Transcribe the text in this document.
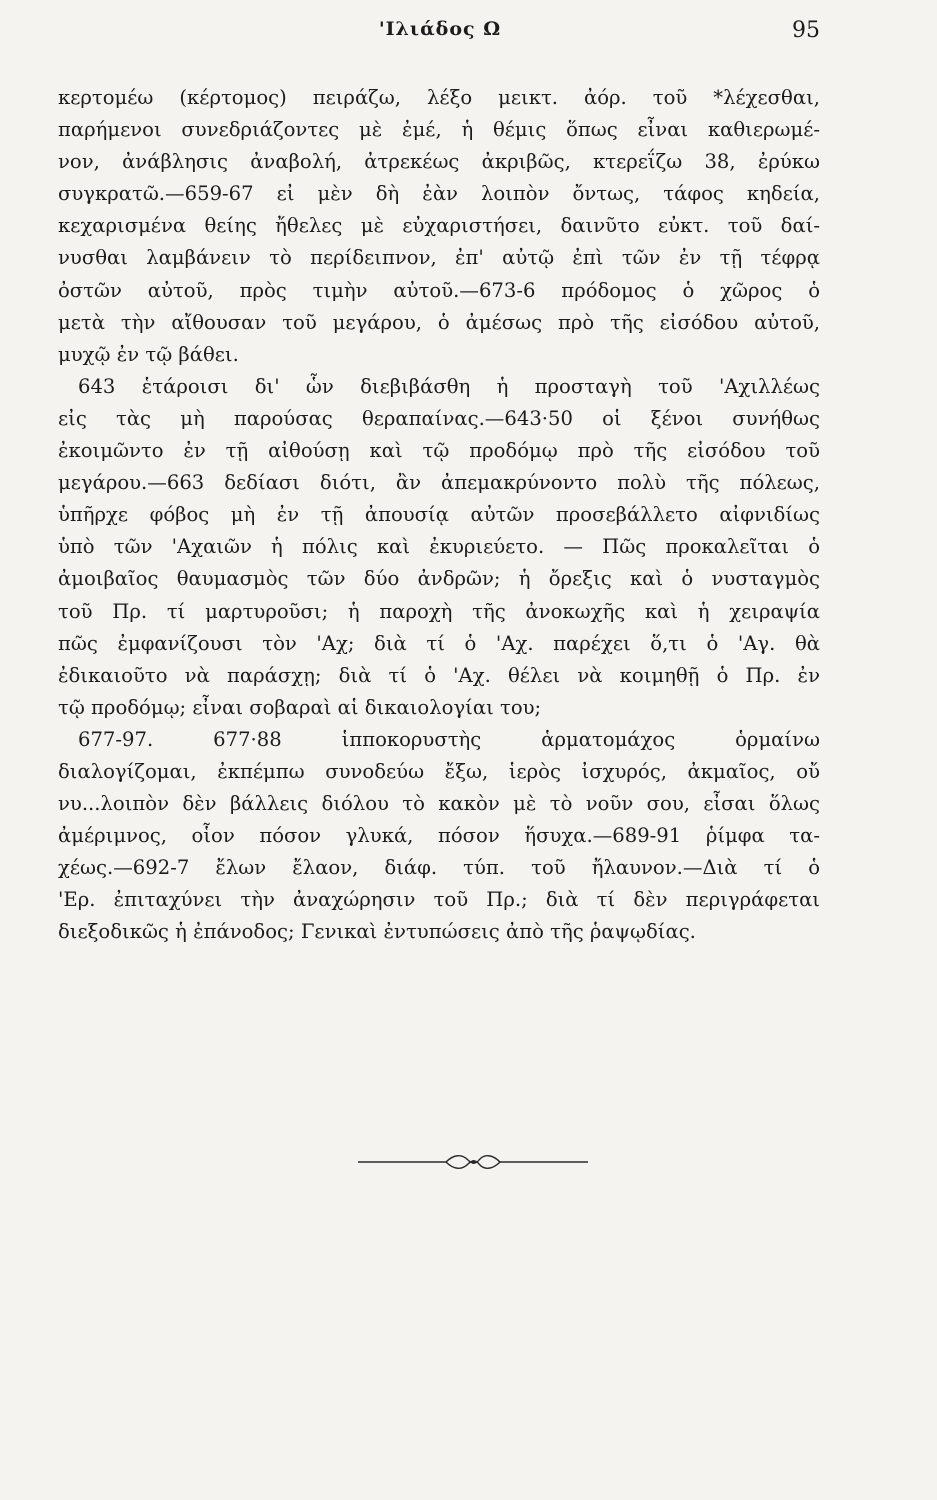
'Ιλιάδος Ω	95
κερτομέω (κέρτομος) πειράζω, λέξο μεικτ. ἀόρ. τοῦ *λέχεσθαι,
παρήμενοι συνεδριάζοντες μὲ ἐμέ, ἡ θέμις ὅπως εἶναι καθιερωμέ-
νον, ἀνάβλησις ἀναβολή, ἀτρεκέως ἀκριβῶς, κτερεΐζω 38, ἐρύκω
συγκρατῶ.—659-67 εἰ μὲν δὴ ἐὰν λοιπὸν ὄντως, τάφος κηδεία,
κεχαρισμένα θείης ἤθελες μὲ εὐχαριστήσει, δαινῦτο εὐκτ. τοῦ δαί-
νυσθαι λαμβάνειν τὸ περίδειπνον, ἐπ' αὐτῷ ἐπὶ τῶν ἐν τῇ τέφρᾳ
ὀστῶν αὐτοῦ, πρὸς τιμὴν αὐτοῦ.—673-6 πρόδομος ὁ χῶρος ὁ
μετὰ τὴν αἴθουσαν τοῦ μεγάρου, ὁ ἀμέσως πρὸ τῆς εἰσόδου αὐτοῦ,
μυχῷ ἐν τῷ βάθει.
643 ἑτάροισι δι' ὧν διεβιβάσθη ἡ προσταγὴ τοῦ 'Αχιλλέως
εἰς τὰς μὴ παρούσας θεραπαίνας.—643·50 οἱ ξένοι συνήθως
ἐκοιμῶντο ἐν τῇ αἰθούσῃ καὶ τῷ προδόμῳ πρὸ τῆς εἰσόδου τοῦ
μεγάρου.—663 δεδίασι διότι, ἂν ἀπεμακρύνοντο πολὺ τῆς πόλεως,
ὑπῆρχε φόβος μὴ ἐν τῇ ἀπουσίᾳ αὐτῶν προσεβάλλετο αἰφνιδίως
ὑπὸ τῶν 'Αχαιῶν ἡ πόλις καὶ ἐκυριεύετο. — Πῶς προκαλεῖται ὁ
ἀμοιβαῖος θαυμασμὸς τῶν δύο ἀνδρῶν; ἡ ὄρεξις καὶ ὁ νυσταγμὸς
τοῦ Πρ. τί μαρτυροῦσι; ἡ παροχὴ τῆς ἀνοκωχῆς καὶ ἡ χειραψία
πῶς ἐμφανίζουσι τὸν 'Αχ; διὰ τί ὁ 'Αχ. παρέχει ὅ,τι ὁ 'Αγ. θὰ
ἐδικαιοῦτο νὰ παράσχῃ; διὰ τί ὁ 'Αχ. θέλει νὰ κοιμηθῇ ὁ Πρ. ἐν
τῷ προδόμῳ; εἶναι σοβαραὶ αἱ δικαιολογίαι του;
677-97. 677·88 ἱπποκορυστὴς ἁρματομάχος ὁρμαίνω
διαλογίζομαι, ἐκπέμπω συνοδεύω ἔξω, ἱερὸς ἰσχυρός, ἀκμαῖος, οὔ
νυ...λοιπὸν δὲν βάλλεις διόλου τὸ κακὸν μὲ τὸ νοῦν σου, εἶσαι ὅλως
ἀμέριμνος, οἷον πόσον γλυκά, πόσον ἥσυχα.—689-91 ῥίμφα τα-
χέως.—692-7 ἔλων ἔλαον, διάφ. τύπ. τοῦ ἤλαυνον.—Διὰ τί ὁ
'Ερ. ἐπιταχύνει τὴν ἀναχώρησιν τοῦ Πρ.; διὰ τί δὲν περιγράφεται
διεξοδικῶς ἡ ἐπάνοδος; Γενικαὶ ἐντυπώσεις ἀπὸ τῆς ῥαψῳδίας.
